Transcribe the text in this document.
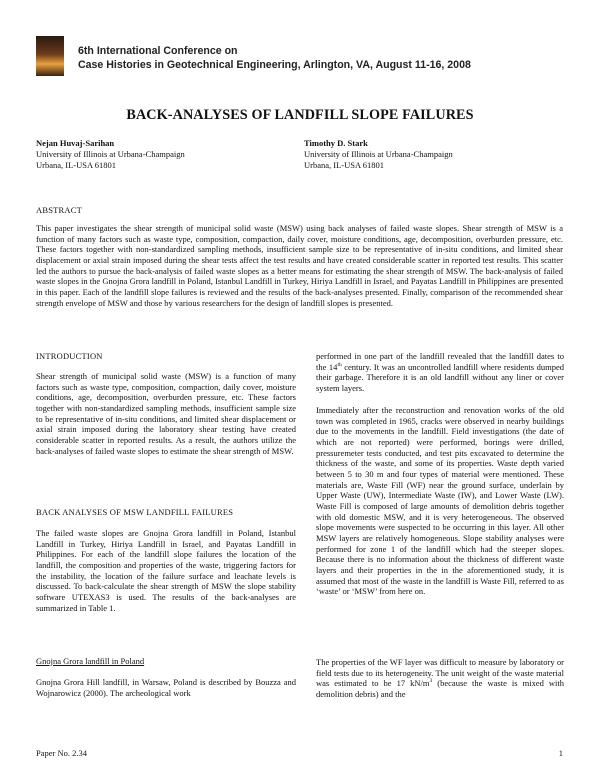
6th International Conference on
Case Histories in Geotechnical Engineering, Arlington, VA, August 11-16, 2008
BACK-ANALYSES OF LANDFILL SLOPE FAILURES
Nejan Huvaj-Sarihan
University of Illinois at Urbana-Champaign
Urbana, IL-USA 61801
Timothy D. Stark
University of Illinois at Urbana-Champaign
Urbana, IL-USA 61801
ABSTRACT

This paper investigates the shear strength of municipal solid waste (MSW) using back analyses of failed waste slopes. Shear strength of MSW is a function of many factors such as waste type, composition, compaction, daily cover, moisture conditions, age, decomposition, overburden pressure, etc. These factors together with non-standardized sampling methods, insufficient sample size to be representative of in-situ conditions, and limited shear displacement or axial strain imposed during the shear tests affect the test results and have created considerable scatter in reported test results. This scatter led the authors to pursue the back-analysis of failed waste slopes as a better means for estimating the shear strength of MSW. The back-analysis of failed waste slopes in the Gnojna Grora landfill in Poland, Istanbul Landfill in Turkey, Hiriya Landfill in Israel, and Payatas Landfill in Philippines are presented in this paper. Each of the landfill slope failures is reviewed and the results of the back-analyses presented. Finally, comparison of the recommended shear strength envelope of MSW and those by various researchers for the design of landfill slopes is presented.

INTRODUCTION

Shear strength of municipal solid waste (MSW) is a function of many factors such as waste type, composition, compaction, daily cover, moisture conditions, age, decomposition, overburden pressure, etc. These factors together with non-standardized sampling methods, insufficient sample size to be representative of in-situ conditions, and limited shear displacement or axial strain imposed during the laboratory shear testing have created considerable scatter in reported results. As a result, the authors utilize the back-analyses of failed waste slopes to estimate the shear strength of MSW.

BACK ANALYSES OF MSW LANDFILL FAILURES

The failed waste slopes are Gnojna Grora landfill in Poland, Istanbul Landfill in Turkey, Hiriya Landfill in Israel, and Payatas Landfill in Philippines. For each of the landfill slope failures the location of the landfill, the composition and properties of the waste, triggering factors for the instability, the location of the failure surface and leachate levels is discussed. To back-calculate the shear strength of MSW the slope stability software UTEXAS3 is used. The results of the back-analyses are summarized in Table 1.

Gnojna Grora landfill in Poland

Gnojna Grora Hill landfill, in Warsaw, Poland is described by Bouzza and Wojnarowicz (2000). The archeological work

performed in one part of the landfill revealed that the landfill dates to the 14th century. It was an uncontrolled landfill where residents dumped their garbage. Therefore it is an old landfill without any liner or cover system layers.

Immediately after the reconstruction and renovation works of the old town was completed in 1965, cracks were observed in nearby buildings due to the movements in the landfill. Field investigations (the date of which are not reported) were performed, borings were drilled, pressuremeter tests conducted, and test pits excavated to determine the thickness of the waste, and some of its properties. Waste depth varied between 5 to 30 m and four types of material were mentioned. These materials are, Waste Fill (WF) near the ground surface, underlain by Upper Waste (UW), Intermediate Waste (IW), and Lower Waste (LW). Waste Fill is composed of large amounts of demolition debris together with old domestic MSW, and it is very heterogeneous. The observed slope movements were suspected to be occurring in this layer. All other MSW layers are relatively homogeneous. Slope stability analyses were performed for zone 1 of the landfill which had the steeper slopes. Because there is no information about the thickness of different waste layers and their properties in the in the aforementioned study, it is assumed that most of the waste in the landfill is Waste Fill, referred to as ‘waste’ or ‘MSW’ from here on.

The properties of the WF layer was difficult to measure by laboratory or field tests due to its heterogeneity. The unit weight of the waste material was estimated to be 17 $kN/m^3$ (because the waste is mixed with demolition debris) and the

Paper No. 2.34	1
